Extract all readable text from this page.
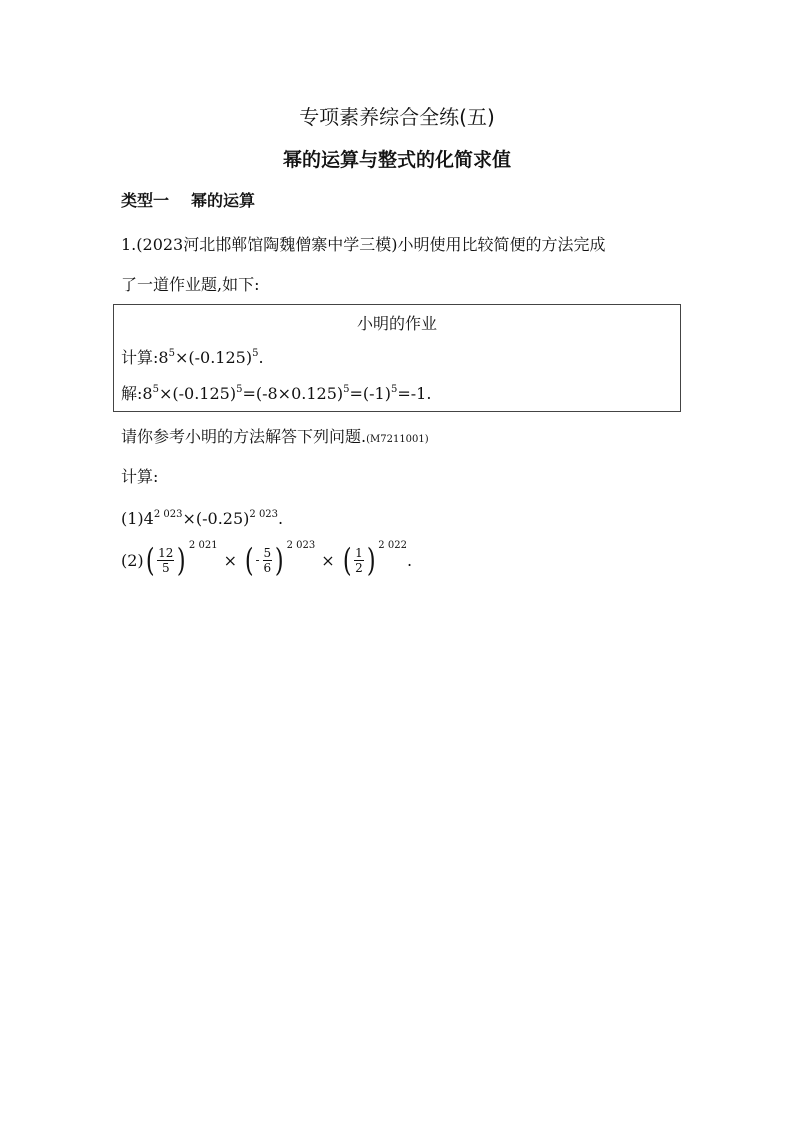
专项素养综合全练(五)
幂的运算与整式的化简求值
类型一 幂的运算
1.(2023河北邯郸馆陶魏僧寨中学三模)小明使用比较简便的方法完成
了一道作业题,如下:
小明的作业
计算$:8^5\times(-0.125)^5$.
解$:8^5\times(-0.125)^5=(-8\times 0.125)^5=(-1)^5=-1$.
请你参考小明的方法解答下列问题.(M7211001)
计算:
$(1)4^{2 023}\times(-0.25)^{2 023}$.
(2) ( $\frac{12}{5}$ ) 2 021
× ( - $\frac{5}{6}$ ) 2 023
× ( $\frac{1}{2}$ ) 2 022
.
